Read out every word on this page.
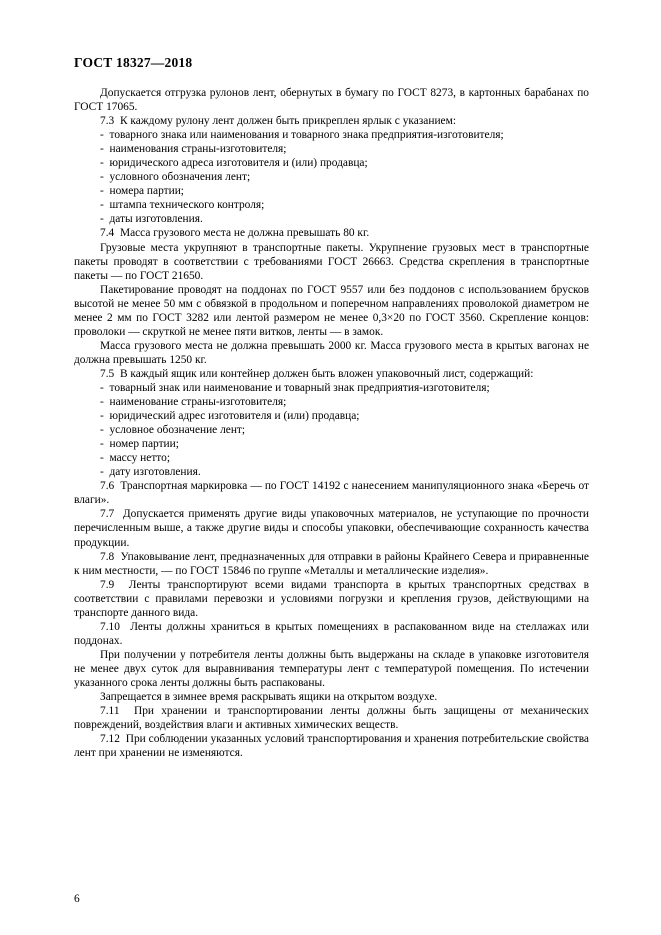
ГОСТ 18327—2018

Допускается отгрузка рулонов лент, обернутых в бумагу по ГОСТ 8273, в картонных барабанах по ГОСТ 17065.

7.3  К каждому рулону лент должен быть прикреплен ярлык с указанием:

-  товарного знака или наименования и товарного знака предприятия-изготовителя;

-  наименования страны-изготовителя;

-  юридического адреса изготовителя и (или) продавца;

-  условного обозначения лент;

-  номера партии;

-  штампа технического контроля;

-  даты изготовления.

7.4  Масса грузового места не должна превышать 80 кг.

Грузовые места укрупняют в транспортные пакеты. Укрупнение грузовых мест в транспортные пакеты проводят в соответствии с требованиями ГОСТ 26663. Средства скрепления в транспортные пакеты — по ГОСТ 21650.

Пакетирование проводят на поддонах по ГОСТ 9557 или без поддонов с использованием брусков высотой не менее 50 мм с обвязкой в продольном и поперечном направлениях проволокой диаметром не менее 2 мм по ГОСТ 3282 или лентой размером не менее 0,3×20 по ГОСТ 3560. Скрепление концов: проволоки — скруткой не менее пяти витков, ленты — в замок.

Масса грузового места не должна превышать 2000 кг. Масса грузового места в крытых вагонах не должна превышать 1250 кг.

7.5  В каждый ящик или контейнер должен быть вложен упаковочный лист, содержащий:

-  товарный знак или наименование и товарный знак предприятия-изготовителя;

-  наименование страны-изготовителя;

-  юридический адрес изготовителя и (или) продавца;

-  условное обозначение лент;

-  номер партии;

-  массу нетто;

-  дату изготовления.

7.6  Транспортная маркировка — по ГОСТ 14192 с нанесением манипуляционного знака «Беречь от влаги».

7.7  Допускается применять другие виды упаковочных материалов, не уступающие по прочности перечисленным выше, а также другие виды и способы упаковки, обеспечивающие сохранность качества продукции.

7.8  Упаковывание лент, предназначенных для отправки в районы Крайнего Севера и приравненные к ним местности, — по ГОСТ 15846 по группе «Металлы и металлические изделия».

7.9  Ленты транспортируют всеми видами транспорта в крытых транспортных средствах в соответствии с правилами перевозки и условиями погрузки и крепления грузов, действующими на транспорте данного вида.

7.10  Ленты должны храниться в крытых помещениях в распакованном виде на стеллажах или поддонах.

При получении у потребителя ленты должны быть выдержаны на складе в упаковке изготовителя не менее двух суток для выравнивания температуры лент с температурой помещения. По истечении указанного срока ленты должны быть распакованы.

Запрещается в зимнее время раскрывать ящики на открытом воздухе.

7.11  При хранении и транспортировании ленты должны быть защищены от механических повреждений, воздействия влаги и активных химических веществ.

7.12  При соблюдении указанных условий транспортирования и хранения потребительские свойства лент при хранении не изменяются.

6
